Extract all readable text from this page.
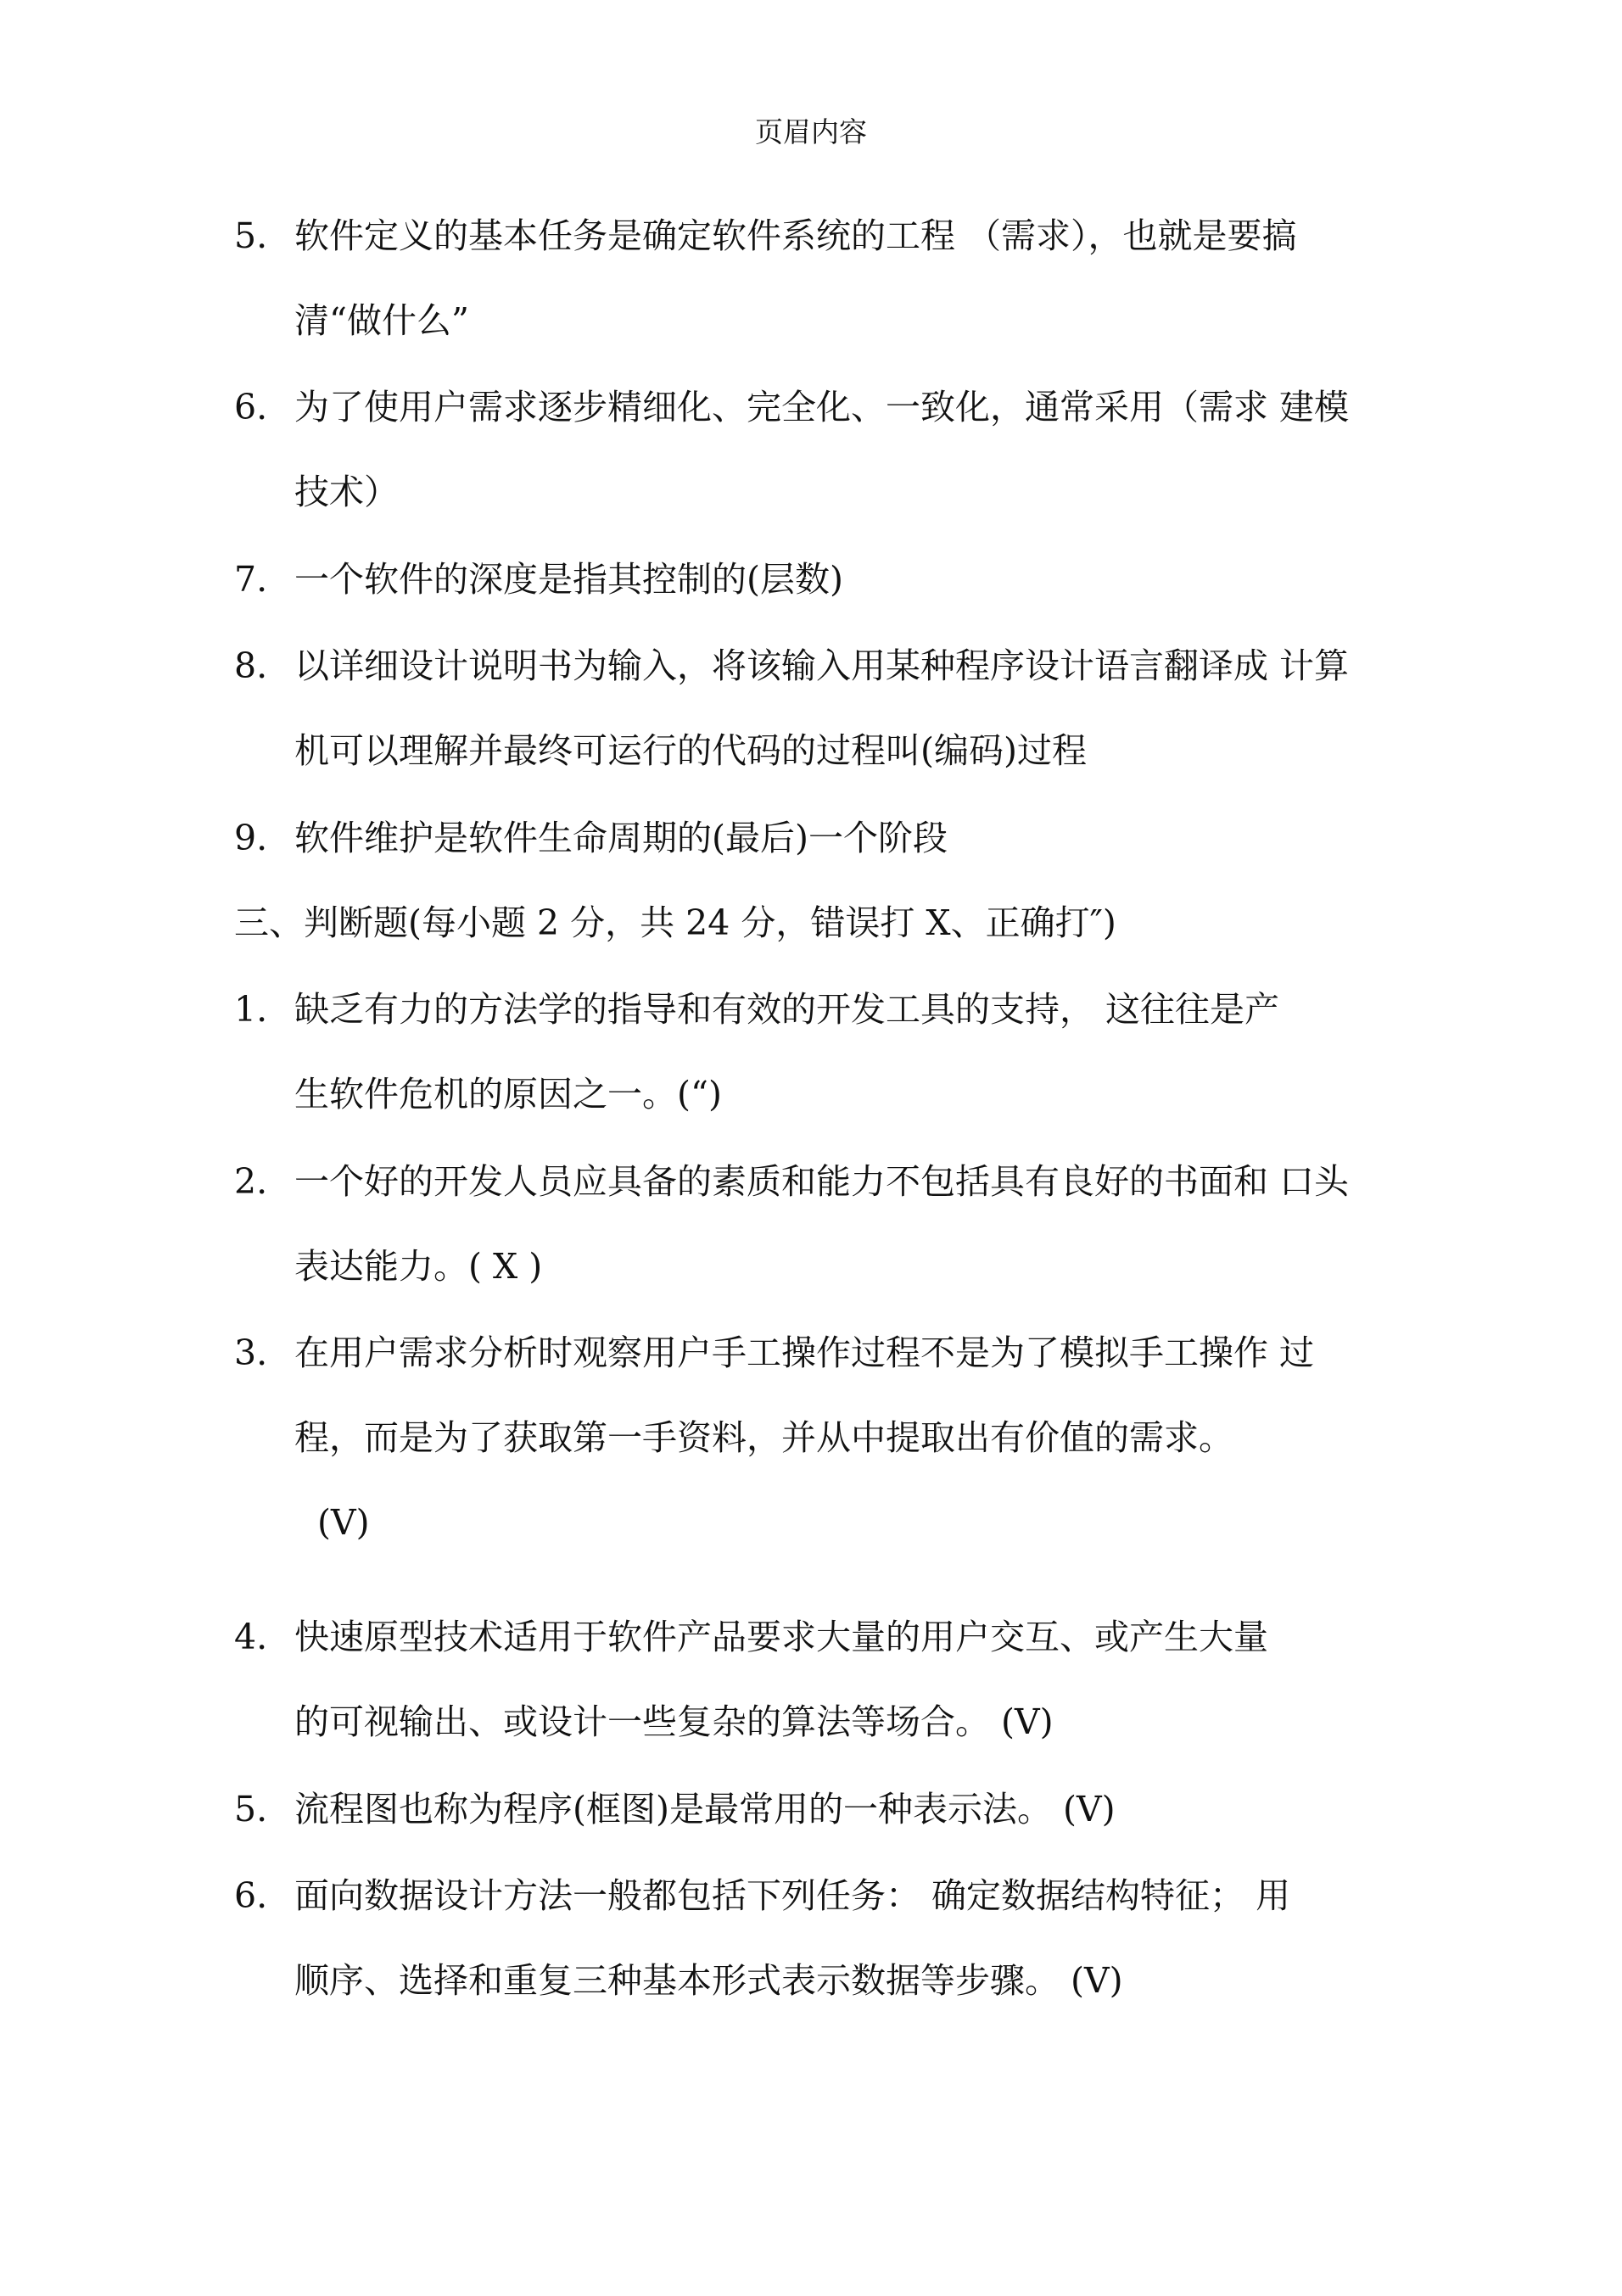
页眉内容
5. 软件定义的基本任务是确定软件系统的工程 （需求），也就是要搞
清“做什么”
6. 为了使用户需求逐步精细化、完全化、一致化，通常采用（需求 建模
技术）
7. 一个软件的深度是指其控制的(层数)
8. 以详细设计说明书为输入，将该输入用某种程序设计语言翻译成 计算
机可以理解并最终可运行的代码的过程叫(编码)过程
9. 软件维护是软件生命周期的(最后)一个阶段
三、判断题(每小题 2 分，共 24 分，错误打 X、正确打″)
1. 缺乏有力的方法学的指导和有效的开发工具的支持， 这往往是产
生软件危机的原因之一。(“)
2. 一个好的开发人员应具备的素质和能力不包括具有良好的书面和 口头
表达能力。( X )
3. 在用户需求分析时观察用户手工操作过程不是为了模拟手工操作 过
程，而是为了获取第一手资料，并从中提取出有价值的需求。
(V)
4. 快速原型技术适用于软件产品要求大量的用户交互、或产生大量
的可视输出、或设计一些复杂的算法等场合。 (V)
5. 流程图也称为程序(框图)是最常用的一种表示法。 (V)
6. 面向数据设计方法一般都包括下列任务： 确定数据结构特征； 用
顺序、选择和重复三种基本形式表示数据等步骤。 (V)
